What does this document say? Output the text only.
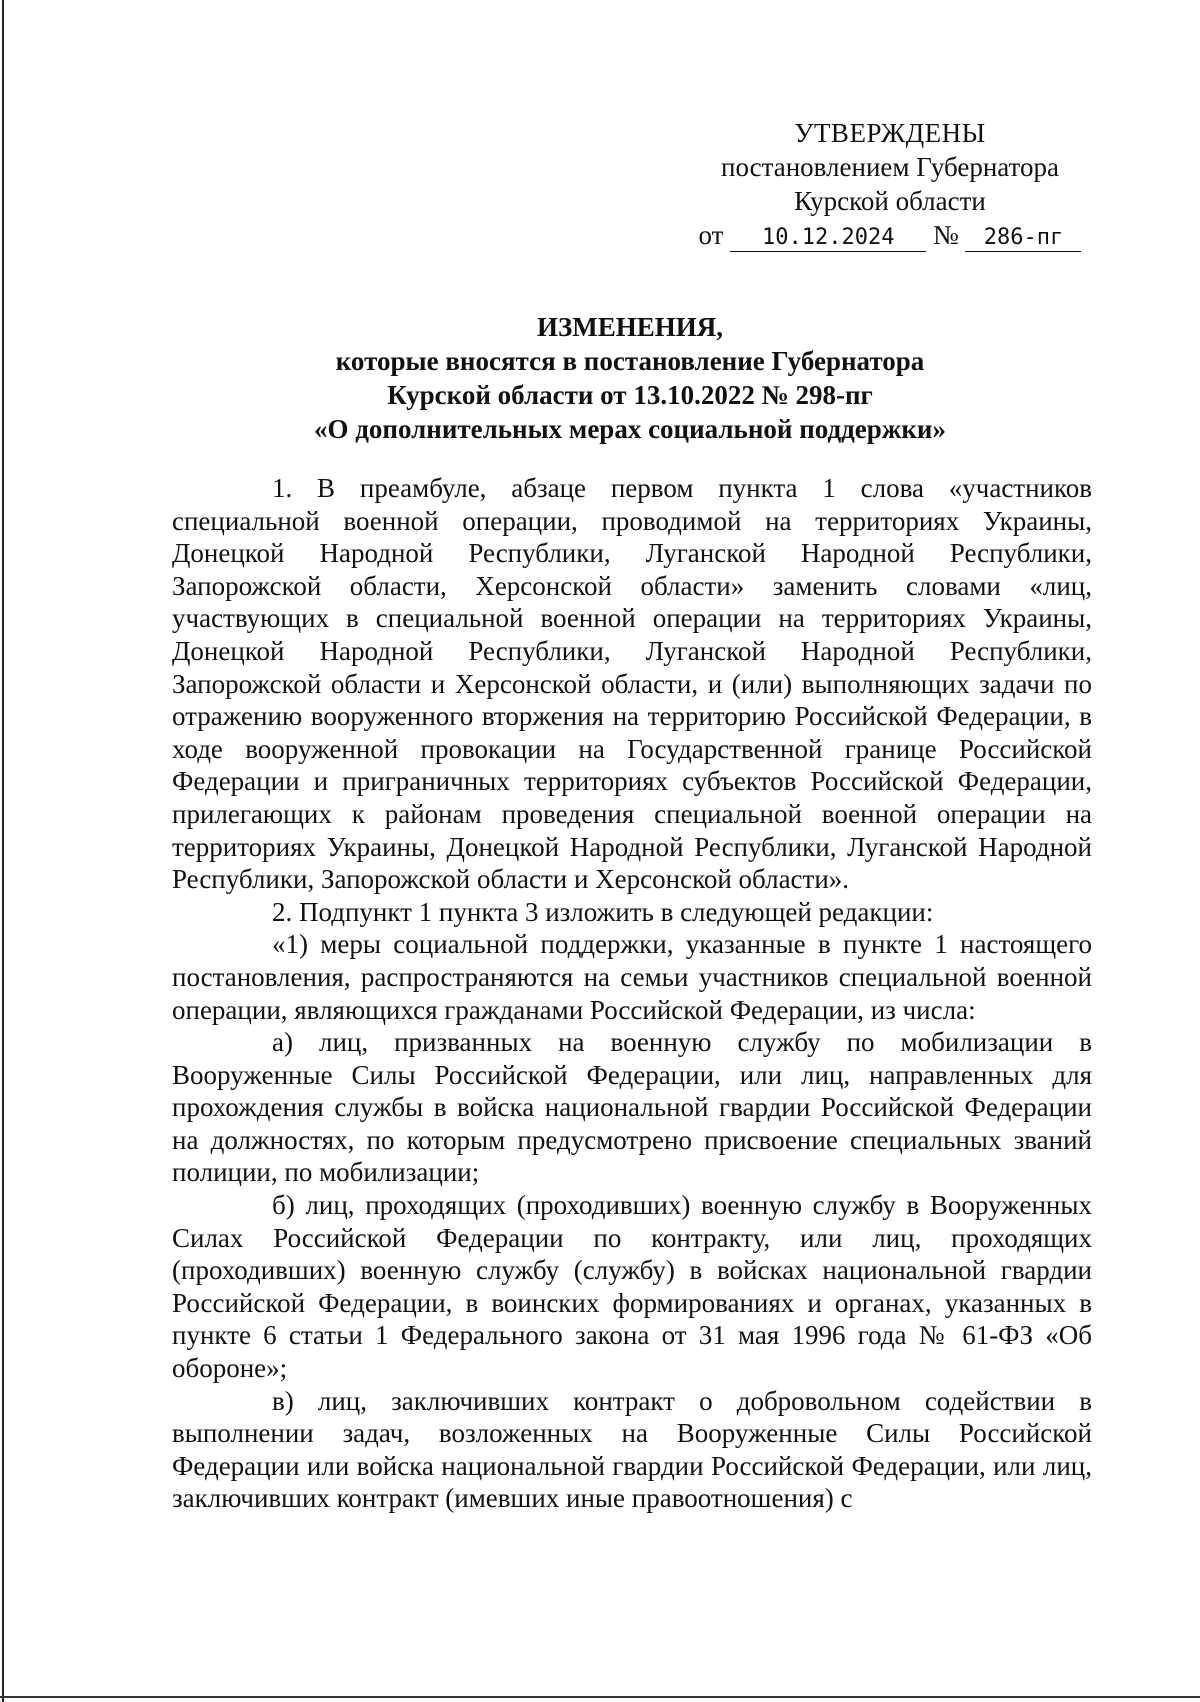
УТВЕРЖДЕНЫ
постановлением Губернатора
Курской области
от 10.12.2024 № 286-пг
ИЗМЕНЕНИЯ,
которые вносятся в постановление Губернатора
Курской области от 13.10.2022 № 298-пг
«О дополнительных мерах социальной поддержки»

1. В преамбуле, абзаце первом пункта 1 слова «участников специальной военной операции, проводимой на территориях Украины, Донецкой Народной Республики, Луганской Народной Республики, Запорожской области, Херсонской области» заменить словами «лиц, участвующих в специальной военной операции на территориях Украины, Донецкой Народной Республики, Луганской Народной Республики, Запорожской области и Херсонской области, и (или) выполняющих задачи по отражению вооруженного вторжения на территорию Российской Федерации, в ходе вооруженной провокации на Государственной границе Российской Федерации и приграничных территориях субъектов Российской Федерации, прилегающих к районам проведения специальной военной операции на территориях Украины, Донецкой Народной Республики, Луганской Народной Республики, Запорожской области и Херсонской области».

2. Подпункт 1 пункта 3 изложить в следующей редакции:

«1) меры социальной поддержки, указанные в пункте 1 настоящего постановления, распространяются на семьи участников специальной военной операции, являющихся гражданами Российской Федерации, из числа:

а) лиц, призванных на военную службу по мобилизации в Вооруженные Силы Российской Федерации, или лиц, направленных для прохождения службы в войска национальной гвардии Российской Федерации на должностях, по которым предусмотрено присвоение специальных званий полиции, по мобилизации;

б) лиц, проходящих (проходивших) военную службу в Вооруженных Силах Российской Федерации по контракту, или лиц, проходящих (проходивших) военную службу (службу) в войсках национальной гвардии Российской Федерации, в воинских формированиях и органах, указанных в пункте 6 статьи 1 Федерального закона от 31 мая 1996 года № 61-ФЗ «Об обороне»;

в) лиц, заключивших контракт о добровольном содействии в выполнении задач, возложенных на Вооруженные Силы Российской Федерации или войска национальной гвардии Российской Федерации, или лиц, заключивших контракт (имевших иные правоотношения) с
